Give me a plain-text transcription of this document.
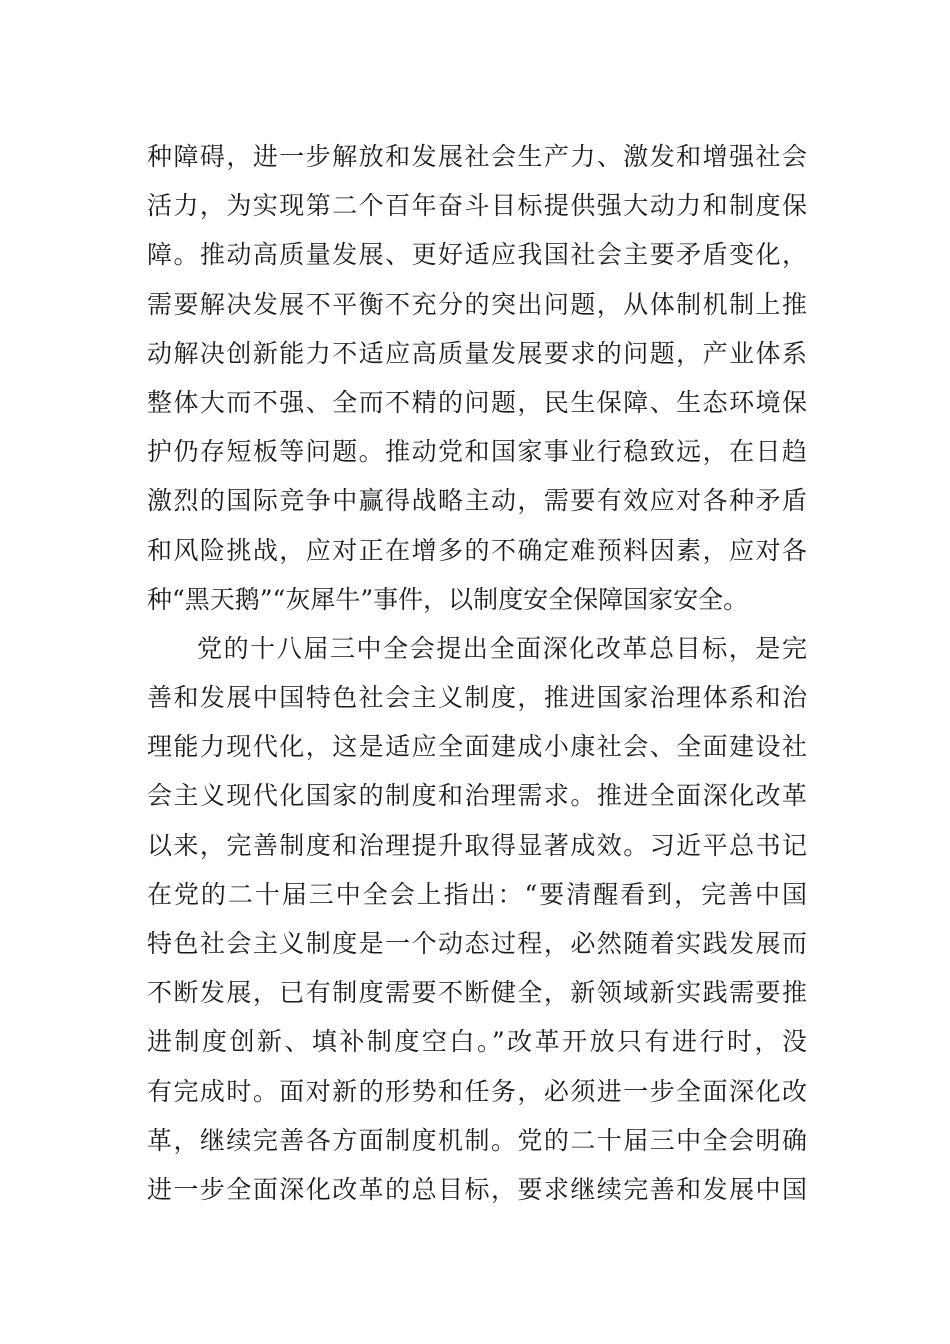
种障碍，进一步解放和发展社会生产力、激发和增强社会
活力，为实现第二个百年奋斗目标提供强大动力和制度保
障。推动高质量发展、更好适应我国社会主要矛盾变化，
需要解决发展不平衡不充分的突出问题，从体制机制上推
动解决创新能力不适应高质量发展要求的问题，产业体系
整体大而不强、全而不精的问题，民生保障、生态环境保
护仍存短板等问题。推动党和国家事业行稳致远，在日趋
激烈的国际竞争中赢得战略主动，需要有效应对各种矛盾
和风险挑战，应对正在增多的不确定难预料因素，应对各
种“黑天鹅”“灰犀牛”事件，以制度安全保障国家安全。
党的十八届三中全会提出全面深化改革总目标，是完
善和发展中国特色社会主义制度，推进国家治理体系和治
理能力现代化，这是适应全面建成小康社会、全面建设社
会主义现代化国家的制度和治理需求。推进全面深化改革
以来，完善制度和治理提升取得显著成效。习近平总书记
在党的二十届三中全会上指出：“要清醒看到，完善中国
特色社会主义制度是一个动态过程，必然随着实践发展而
不断发展，已有制度需要不断健全，新领域新实践需要推
进制度创新、填补制度空白。”改革开放只有进行时，没
有完成时。面对新的形势和任务，必须进一步全面深化改
革，继续完善各方面制度机制。党的二十届三中全会明确
进一步全面深化改革的总目标，要求继续完善和发展中国
